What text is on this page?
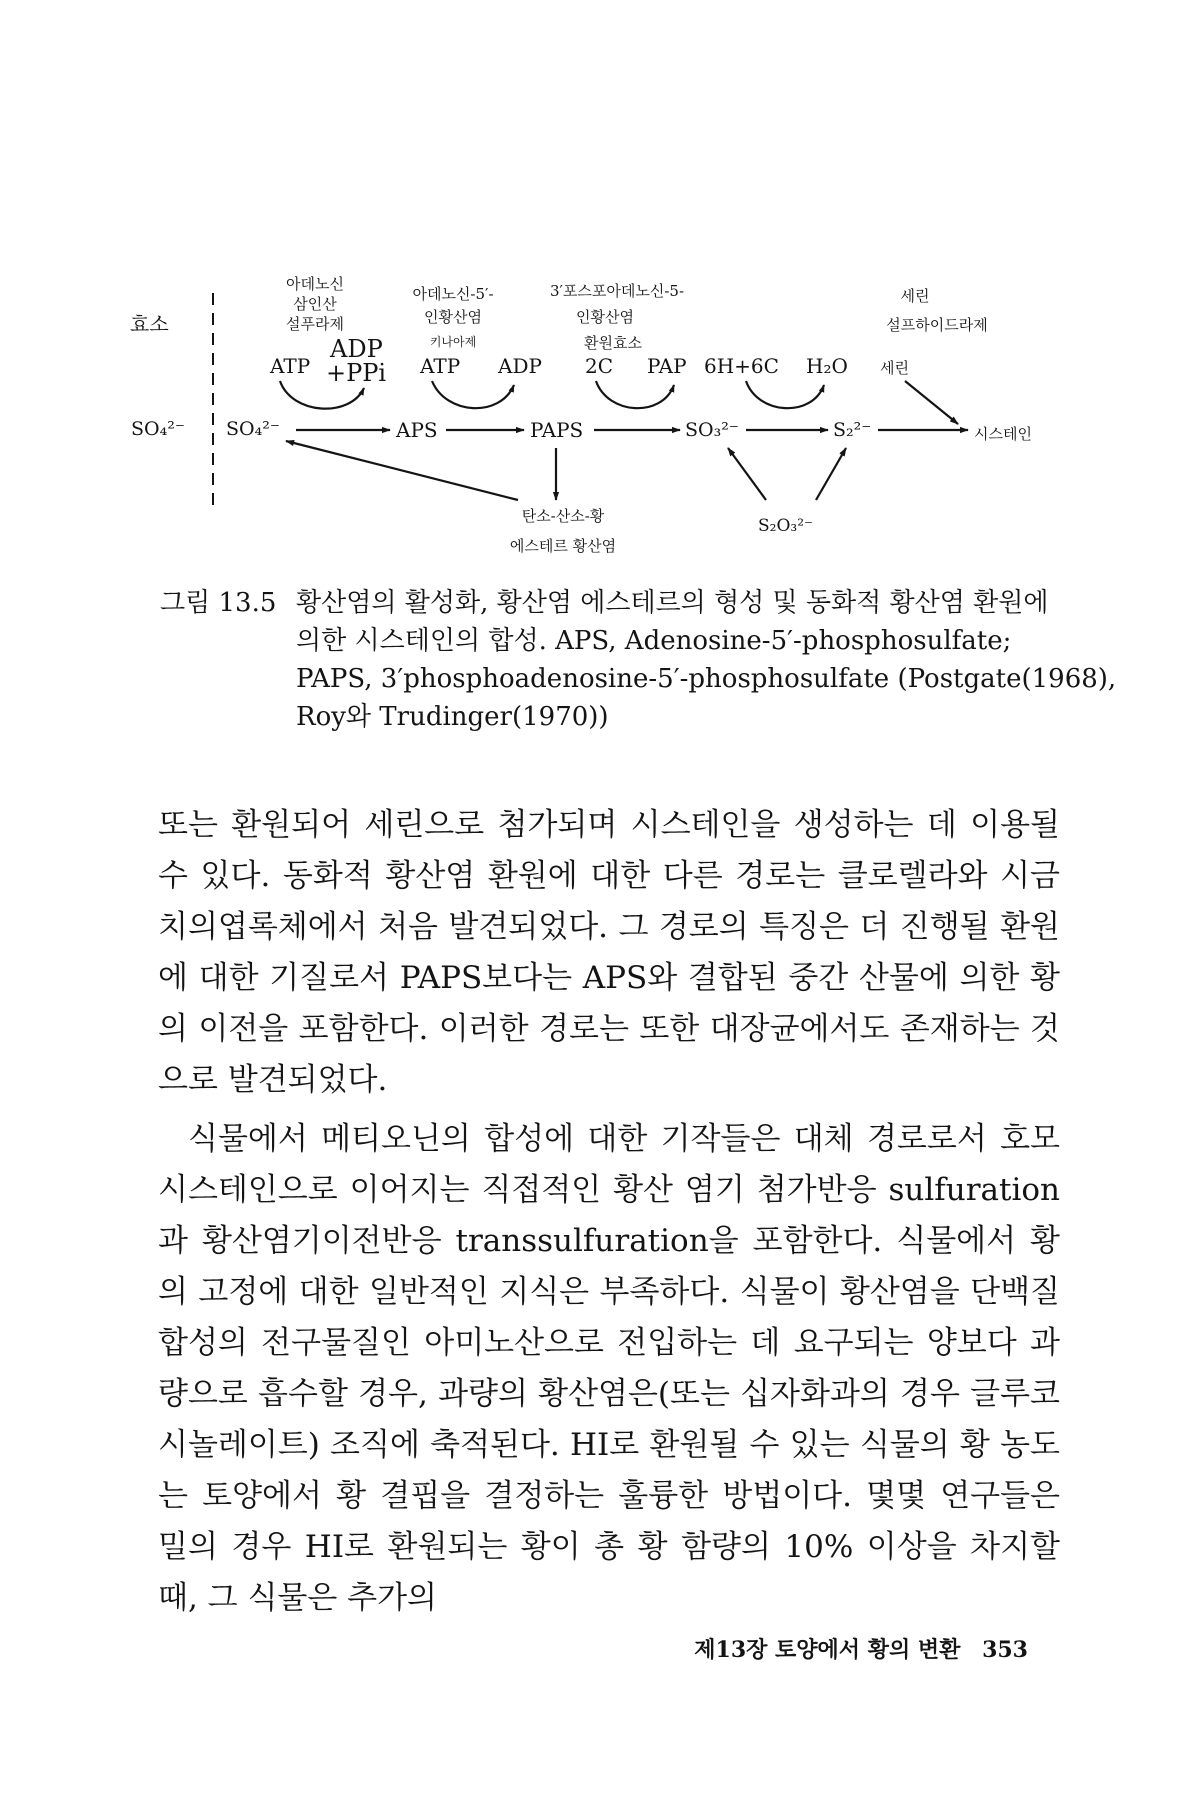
효소
SO₄²⁻
아데노신
삼인산
설푸라제
아데노신-5′-
인황산염
키나아제
3′포스포아데노신-5-
인황산염
환원효소
세린
설프하이드라제
ATP
ADP
+PPi ATP ADP 2C PAP 6H+6C H₂O 세린
SO₄²⁻	APS	PAPS	SO₃²⁻	S₂²⁻	시스테인
S₂O₃²⁻
탄소-산소-황
에스테르 황산염
그림 13.5 황산염의 활성화, 황산염 에스테르의 형성 및 동화적 황산염 환원에
의한 시스테인의 합성. APS, Adenosine-5′-phosphosulfate;
PAPS, 3′phosphoadenosine-5′-phosphosulfate (Postgate(1968),
Roy와 Trudinger(1970))

또는 환원되어 세린으로 첨가되며 시스테인을 생성하는 데 이용될 수 있다. 동화적 황산염 환원에 대한 다른 경로는 클로렐라와 시금치의엽록체에서 처음 발견되었다. 그 경로의 특징은 더 진행될 환원에 대한 기질로서 PAPS보다는 APS와 결합된 중간 산물에 의한 황의 이전을 포함한다. 이러한 경로는 또한 대장균에서도 존재하는 것으로 발견되었다.

식물에서 메티오닌의 합성에 대한 기작들은 대체 경로로서 호모시스테인으로 이어지는 직접적인 황산 염기 첨가반응 sulfuration과 황산염기이전반응 transsulfuration을 포함한다. 식물에서 황의 고정에 대한 일반적인 지식은 부족하다. 식물이 황산염을 단백질 합성의 전구물질인 아미노산으로 전입하는 데 요구되는 양보다 과량으로 흡수할 경우, 과량의 황산염은(또는 십자화과의 경우 글루코시놀레이트) 조직에 축적된다. HI로 환원될 수 있는 식물의 황 농도는 토양에서 황 결핍을 결정하는 훌륭한 방법이다. 몇몇 연구들은 밀의 경우 HI로 환원되는 황이 총 황 함량의 10% 이상을 차지할 때, 그 식물은 추가의

제13장 토양에서 황의 변환 353
